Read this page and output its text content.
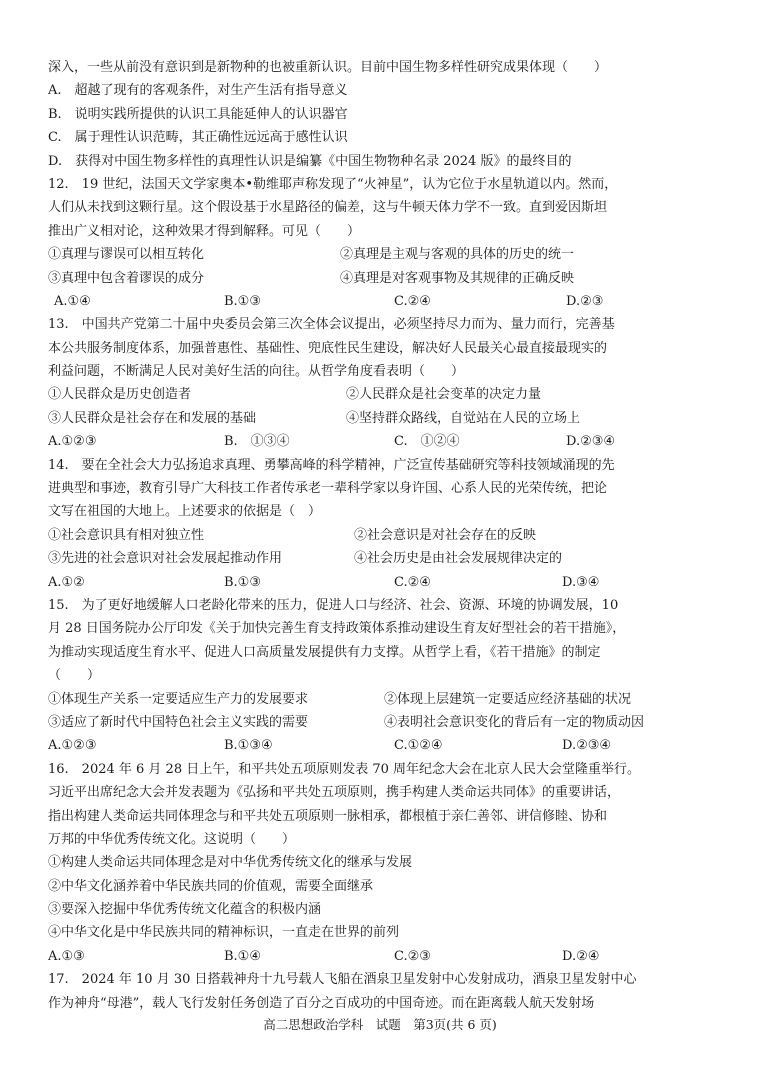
深入，一些从前没有意识到是新物种的也被重新认识。目前中国生物多样性研究成果体现（　　）
A.　超越了现有的客观条件，对生产生活有指导意义
B.　说明实践所提供的认识工具能延伸人的认识器官
C.　属于理性认识范畴，其正确性远远高于感性认识
D.　获得对中国生物多样性的真理性认识是编纂《中国生物物种名录 2024 版》的最终目的
12.　19 世纪，法国天文学家奥本•勒维耶声称发现了“火神星”，认为它位于水星轨道以内。然而，
人们从未找到这颗行星。这个假设基于水星路径的偏差，这与牛顿天体力学不一致。直到爱因斯坦
推出广义相对论，这种效果才得到解释。可见（　　）
①真理与谬误可以相互转化	②真理是主观与客观的具体的历史的统一
③真理中包含着谬误的成分	④真理是对客观事物及其规律的正确反映
A.①④	B.①③	C.②④	D.②③
13.　中国共产党第二十届中央委员会第三次全体会议提出，必须坚持尽力而为、量力而行，完善基
本公共服务制度体系，加强普惠性、基础性、兜底性民生建设，解决好人民最关心最直接最现实的
利益问题，不断满足人民对美好生活的向往。从哲学角度看表明（　　）
①人民群众是历史创造者	②人民群众是社会变革的决定力量
③人民群众是社会存在和发展的基础	④坚持群众路线，自觉站在人民的立场上
A.①②③	B.　①③④	C.　①②④	D.②③④
14.　要在全社会大力弘扬追求真理、勇攀高峰的科学精神，广泛宣传基础研究等科技领域涌现的先
进典型和事迹，教育引导广大科技工作者传承老一辈科学家以身许国、心系人民的光荣传统，把论
文写在祖国的大地上。上述要求的依据是（　）
①社会意识具有相对独立性	②社会意识是对社会存在的反映
③先进的社会意识对社会发展起推动作用	④社会历史是由社会发展规律决定的
A.①②	B.①③	C.②④	D.③④
15.　为了更好地缓解人口老龄化带来的压力，促进人口与经济、社会、资源、环境的协调发展，10
月 28 日国务院办公厅印发《关于加快完善生育支持政策体系推动建设生育友好型社会的若干措施》，
为推动实现适度生育水平、促进人口高质量发展提供有力支撑。从哲学上看，《若干措施》的制定
（　　）
①体现生产关系一定要适应生产力的发展要求	②体现上层建筑一定要适应经济基础的状况
③适应了新时代中国特色社会主义实践的需要	④表明社会意识变化的背后有一定的物质动因
A.①②③	B.①③④	C.①②④	D.②③④
16.　2024 年 6 月 28 日上午，和平共处五项原则发表 70 周年纪念大会在北京人民大会堂隆重举行。
习近平出席纪念大会并发表题为《弘扬和平共处五项原则，携手构建人类命运共同体》的重要讲话，
指出构建人类命运共同体理念与和平共处五项原则一脉相承，都根植于亲仁善邻、讲信修睦、协和
万邦的中华优秀传统文化。这说明（　　）
①构建人类命运共同体理念是对中华优秀传统文化的继承与发展
②中华文化涵养着中华民族共同的价值观，需要全面继承
③要深入挖掘中华优秀传统文化蕴含的积极内涵
④中华文化是中华民族共同的精神标识，一直走在世界的前列
A.①③	B.①④	C.②③	D.②④
17.　2024 年 10 月 30 日搭载神舟十九号载人飞船在酒泉卫星发射中心发射成功，酒泉卫星发射中心
作为神舟“母港”，载人飞行发射任务创造了百分之百成功的中国奇迹。而在距离载人航天发射场
高二思想政治学科　试题　第3页(共 6 页)
